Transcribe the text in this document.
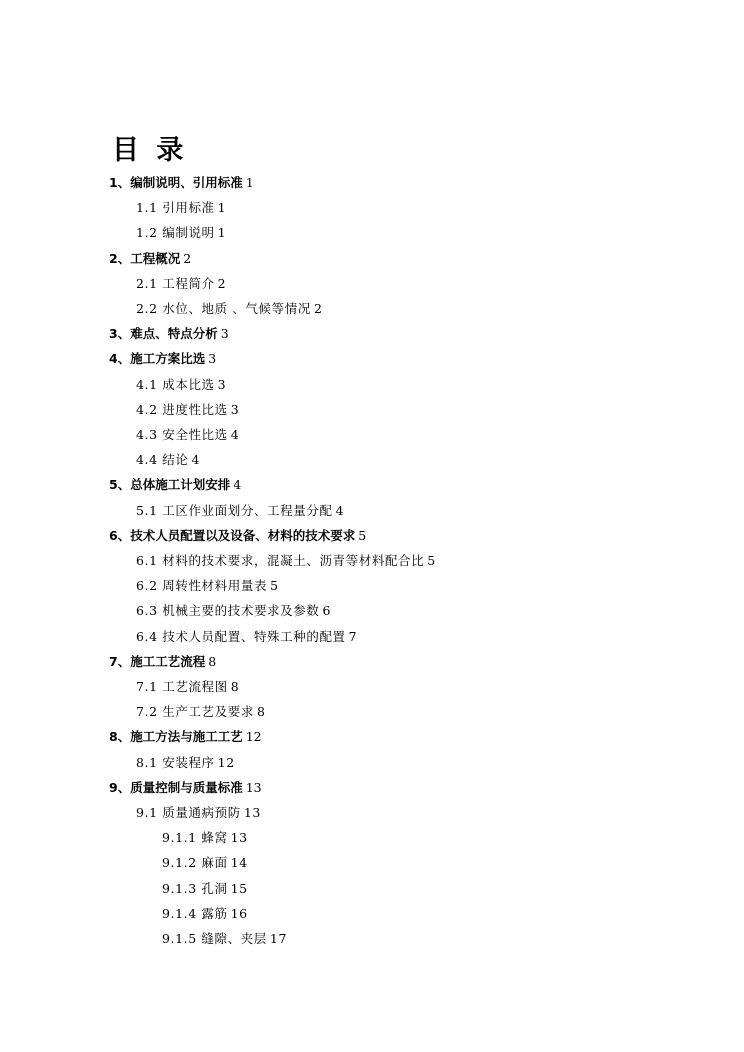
目 录
1、编制说明、引用标准 1
1.1 引用标准 1
1.2 编制说明 1
2、工程概况 2
2.1 工程简介 2
2.2 水位、地质 、气候等情况 2
3、难点、特点分析 3
4、施工方案比选 3
4.1 成本比选 3
4.2 进度性比选 3
4.3 安全性比选 4
4.4 结论 4
5、总体施工计划安排 4
5.1 工区作业面划分、工程量分配 4
6、技术人员配置以及设备、材料的技术要求 5
6.1 材料的技术要求，混凝土、沥青等材料配合比 5
6.2 周转性材料用量表 5
6.3 机械主要的技术要求及参数 6
6.4 技术人员配置、特殊工种的配置 7
7、施工工艺流程 8
7.1 工艺流程图 8
7.2 生产工艺及要求 8
8、施工方法与施工工艺 12
8.1 安装程序 12
9、质量控制与质量标准 13
9.1 质量通病预防 13
9.1.1 蜂窝 13
9.1.2 麻面 14
9.1.3 孔洞 15
9.1.4 露筋 16
9.1.5 缝隙、夹层 17
